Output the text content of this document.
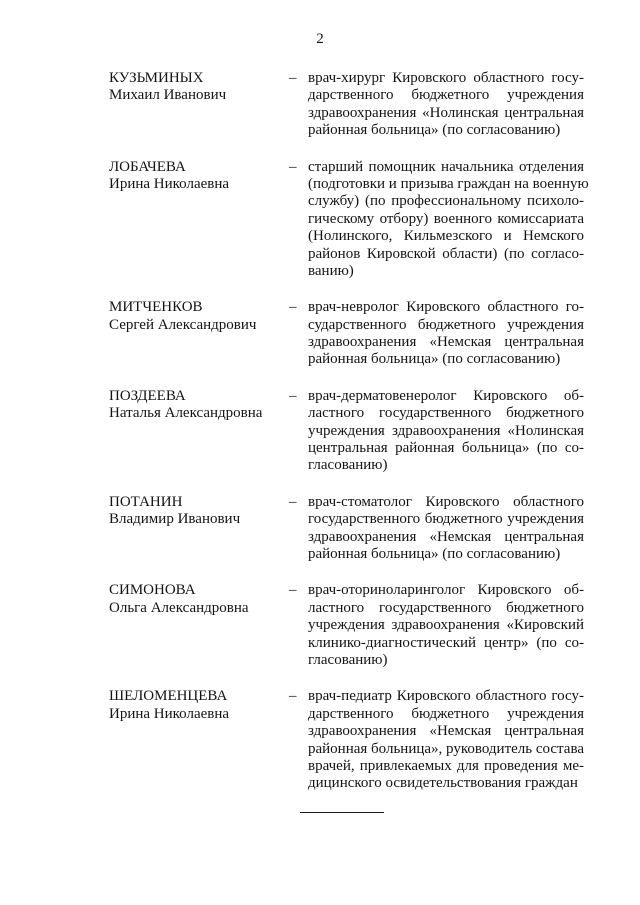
2
КУЗЬМИНЫХ
Михаил Иванович
– врач-хирург Кировского областного госу-
дарственного бюджетного учреждения
здравоохранения «Нолинская центральная
районная больница» (по согласованию)
ЛОБАЧЕВА
Ирина Николаевна
– старший помощник начальника отделения
(подготовки и призыва граждан на военную
службу) (по профессиональному психоло-
гическому отбору) военного комиссариата
(Нолинского, Кильмезского и Немского
районов Кировской области) (по согласо-
ванию)
МИТЧЕНКОВ
Сергей Александрович
– врач-невролог Кировского областного го-
сударственного бюджетного учреждения
здравоохранения «Немская центральная
районная больница» (по согласованию)
ПОЗДЕЕВА
Наталья Александровна
– врач-дерматовенеролог Кировского об-
ластного государственного бюджетного
учреждения здравоохранения «Нолинская
центральная районная больница» (по со-
гласованию)
ПОТАНИН
Владимир Иванович
– врач-стоматолог Кировского областного
государственного бюджетного учреждения
здравоохранения «Немская центральная
районная больница» (по согласованию)
СИМОНОВА
Ольга Александровна
– врач-оториноларинголог Кировского об-
ластного государственного бюджетного
учреждения здравоохранения «Кировский
клинико-диагностический центр» (по со-
гласованию)
ШЕЛОМЕНЦЕВА
Ирина Николаевна
– врач-педиатр Кировского областного госу-
дарственного бюджетного учреждения
здравоохранения «Немская центральная
районная больница», руководитель состава
врачей, привлекаемых для проведения ме-
дицинского освидетельствования граждан
